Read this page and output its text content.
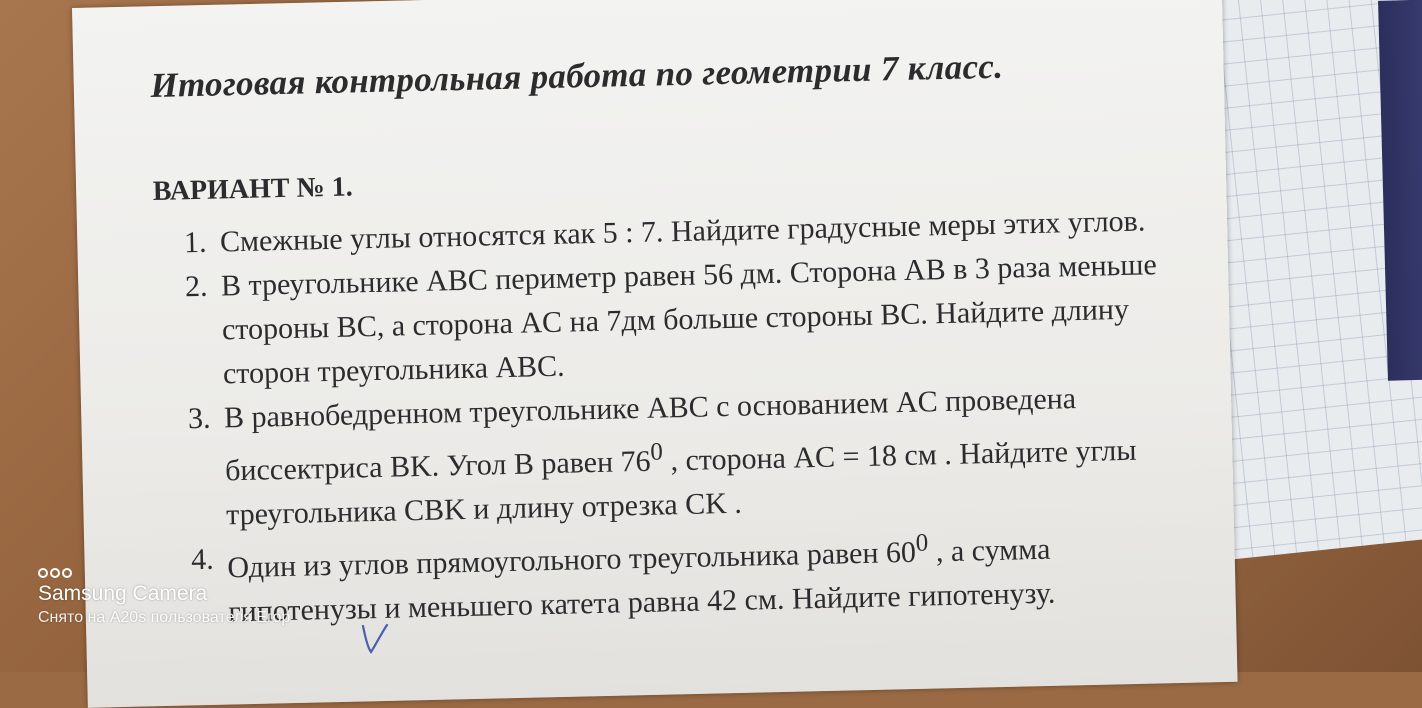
Итоговая контрольная работа по геометрии 7 класс.
ВАРИАНТ № 1.
1. Смежные углы относятся как 5 : 7. Найдите градусные меры этих углов.
2. В треугольнике ABC периметр равен 56 дм. Сторона AB в 3 раза меньше стороны BC, а сторона AC на 7дм больше стороны BC. Найдите длину сторон треугольника ABC.
3. В равнобедренном треугольнике ABC с основанием AC проведена биссектриса BK. Угол B равен $76^0$ , сторона AC = 18 см . Найдите углы треугольника CBK и длину отрезка CK .
4. Один из углов прямоугольного треугольника равен $60^0$ , а сумма гипотенузы и меньшего катета равна 42 см. Найдите гипотенузу.
Samsung Camera
Снято на A20s пользователя Егор
